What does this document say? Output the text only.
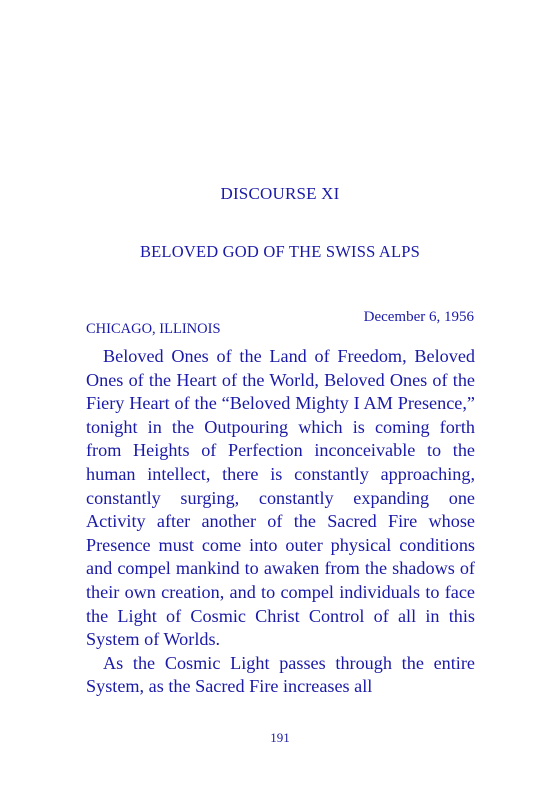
DISCOURSE XI
BELOVED GOD OF THE SWISS ALPS

December 6, 1956

CHICAGO, ILLINOIS

Beloved Ones of the Land of Freedom, Beloved Ones of the Heart of the World, Beloved Ones of the Fiery Heart of the “Beloved Mighty I AM Presence,” tonight in the Outpouring which is coming forth from Heights of Perfection inconceivable to the human intellect, there is constantly approaching, constantly surging, constantly expanding one Activity after another of the Sacred Fire whose Presence must come into outer physical conditions and compel mankind to awaken from the shadows of their own creation, and to compel individuals to face the Light of Cosmic Christ Control of all in this System of Worlds.

As the Cosmic Light passes through the entire System, as the Sacred Fire increases all

191
